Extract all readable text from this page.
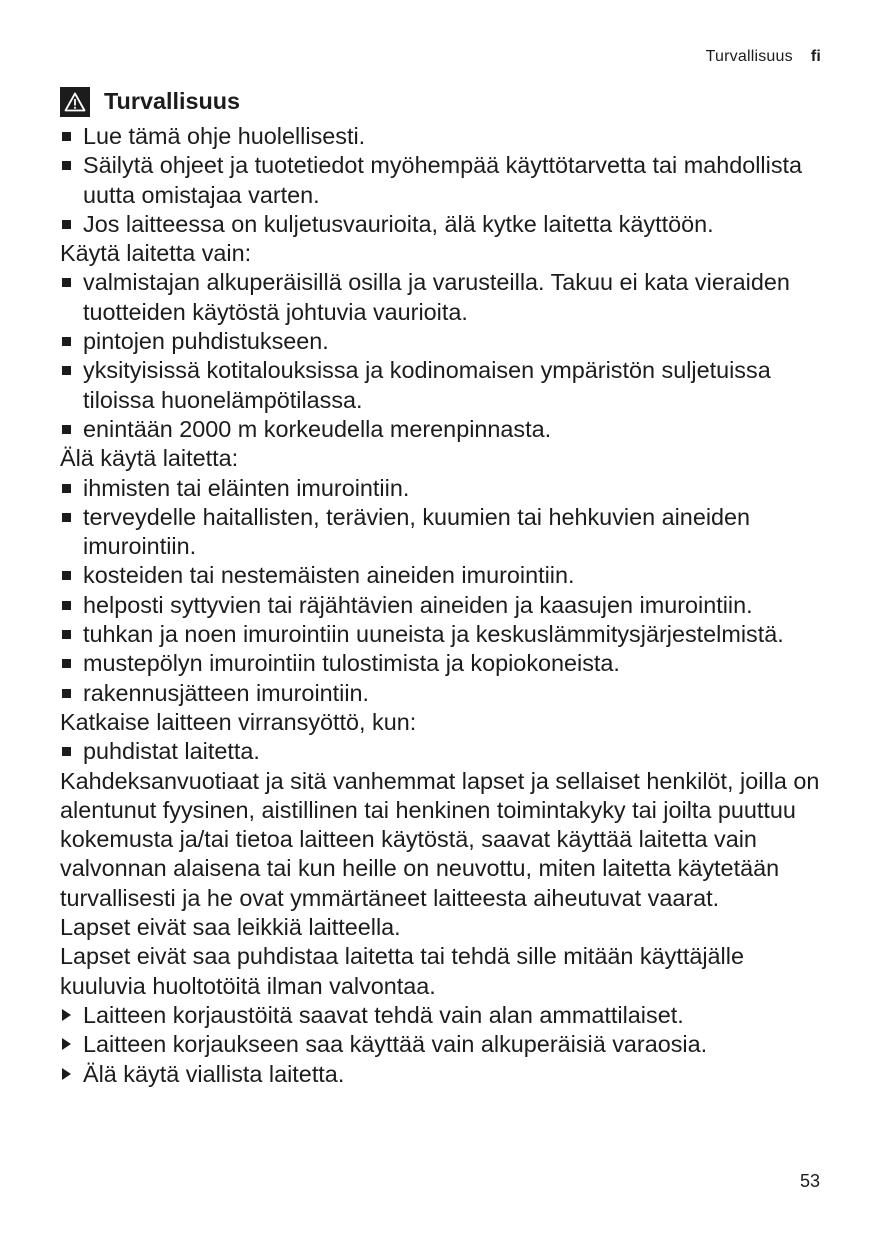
Turvallisuus fi
Turvallisuus
Lue tämä ohje huolellisesti.
Säilytä ohjeet ja tuotetiedot myöhempää käyttötarvetta tai mahdollista uutta omistajaa varten.
Jos laitteessa on kuljetusvaurioita, älä kytke laitetta käyttöön.
Käytä laitetta vain:
valmistajan alkuperäisillä osilla ja varusteilla. Takuu ei kata vieraiden tuotteiden käytöstä johtuvia vaurioita.
pintojen puhdistukseen.
yksityisissä kotitalouksissa ja kodinomaisen ympäristön suljetuissa tiloissa huonelämpötilassa.
enintään 2000 m korkeudella merenpinnasta.
Älä käytä laitetta:
ihmisten tai eläinten imurointiin.
terveydelle haitallisten, terävien, kuumien tai hehkuvien aineiden imurointiin.
kosteiden tai nestemäisten aineiden imurointiin.
helposti syttyvien tai räjähtävien aineiden ja kaasujen imurointiin.
tuhkan ja noen imurointiin uuneista ja keskuslämmitysjärjestelmistä.
mustepölyn imurointiin tulostimista ja kopiokoneista.
rakennusjätteen imurointiin.
Katkaise laitteen virransyöttö, kun:
puhdistat laitetta.
Kahdeksanvuotiaat ja sitä vanhemmat lapset ja sellaiset henkilöt, joilla on alentunut fyysinen, aistillinen tai henkinen toimintakyky tai joilta puuttuu kokemusta ja/tai tietoa laitteen käytöstä, saavat käyttää laitetta vain valvonnan alaisena tai kun heille on neuvottu, miten laitetta käytetään turvallisesti ja he ovat ymmärtäneet laitteesta aiheutuvat vaarat.
Lapset eivät saa leikkiä laitteella.
Lapset eivät saa puhdistaa laitetta tai tehdä sille mitään käyttäjälle kuuluvia huoltotöitä ilman valvontaa.
Laitteen korjaustöitä saavat tehdä vain alan ammattilaiset.
Laitteen korjaukseen saa käyttää vain alkuperäisiä varaosia.
Älä käytä viallista laitetta.
53
